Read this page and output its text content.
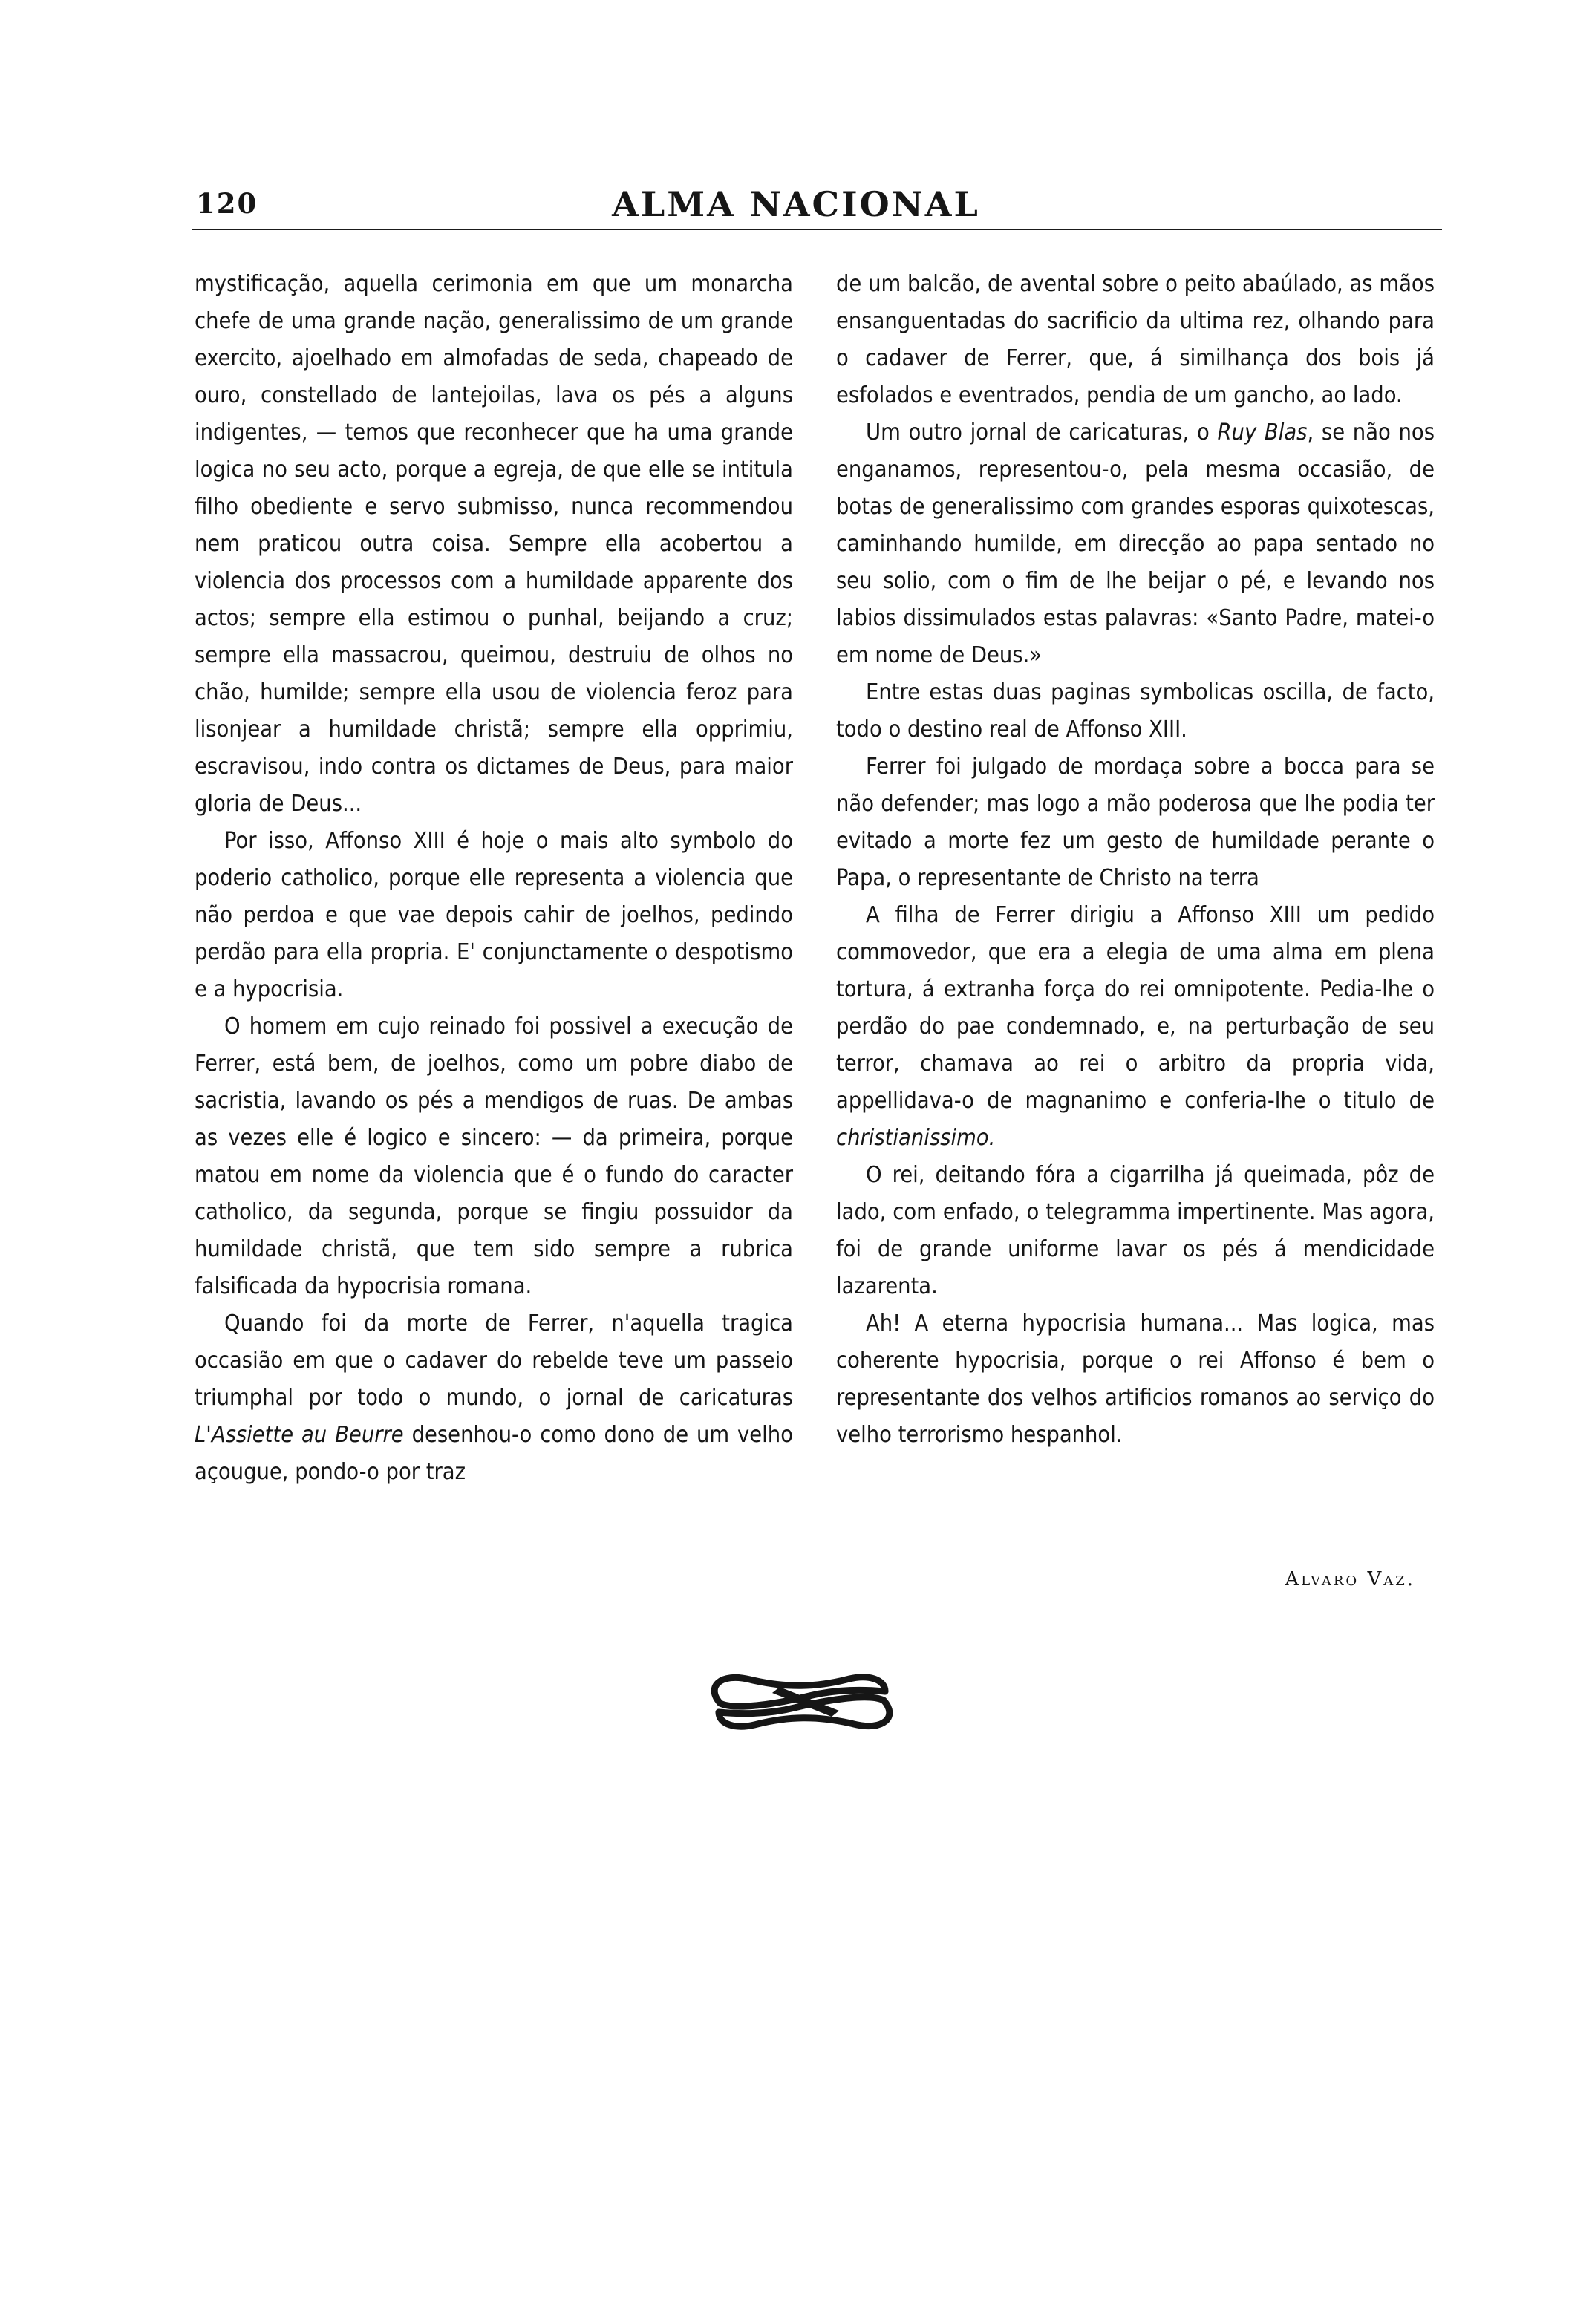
120	ALMA NACIONAL

mystificação, aquella cerimonia em que um monarcha chefe de uma grande nação, generalissimo de um grande exercito, ajoelhado em almofadas de seda, chapeado de ouro, constellado de lantejoilas, lava os pés a alguns indigentes, — temos que reconhecer que ha uma grande logica no seu acto, porque a egreja, de que elle se intitula filho obediente e servo submisso, nunca recommendou nem praticou outra coisa. Sempre ella acobertou a violencia dos processos com a humildade apparente dos actos; sempre ella estimou o punhal, beijando a cruz; sempre ella massacrou, queimou, destruiu de olhos no chão, humilde; sempre ella usou de violencia feroz para lisonjear a humildade christã; sempre ella opprimiu, escravisou, indo contra os dictames de Deus, para maior gloria de Deus...

Por isso, Affonso XIII é hoje o mais alto symbolo do poderio catholico, porque elle representa a violencia que não perdoa e que vae depois cahir de joelhos, pedindo perdão para ella propria. E' conjunctamente o despotismo e a hypocrisia.

O homem em cujo reinado foi possivel a execução de Ferrer, está bem, de joelhos, como um pobre diabo de sacristia, lavando os pés a mendigos de ruas. De ambas as vezes elle é logico e sincero: — da primeira, porque matou em nome da violencia que é o fundo do caracter catholico, da segunda, porque se fingiu possuidor da humildade christã, que tem sido sempre a rubrica falsificada da hypocrisia romana.

Quando foi da morte de Ferrer, n'aquella tragica occasião em que o cadaver do rebelde teve um passeio triumphal por todo o mundo, o jornal de caricaturas L'Assiette au Beurre desenhou-o como dono de um velho açougue, pondo-o por traz

de um balcão, de avental sobre o peito abaúlado, as mãos ensanguentadas do sacrificio da ultima rez, olhando para o cadaver de Ferrer, que, á similhança dos bois já esfolados e eventrados, pendia de um gancho, ao lado.

Um outro jornal de caricaturas, o Ruy Blas, se não nos enganamos, representou-o, pela mesma occasião, de botas de generalissimo com grandes esporas quixotescas, caminhando humilde, em direcção ao papa sentado no seu solio, com o fim de lhe beijar o pé, e levando nos labios dissimulados estas palavras: «Santo Padre, matei-o em nome de Deus.»

Entre estas duas paginas symbolicas oscilla, de facto, todo o destino real de Affonso XIII.

Ferrer foi julgado de mordaça sobre a bocca para se não defender; mas logo a mão poderosa que lhe podia ter evitado a morte fez um gesto de humildade perante o Papa, o representante de Christo na terra

A filha de Ferrer dirigiu a Affonso XIII um pedido commovedor, que era a elegia de uma alma em plena tortura, á extranha força do rei omnipotente. Pedia-lhe o perdão do pae condemnado, e, na perturbação de seu terror, chamava ao rei o arbitro da propria vida, appellidava-o de magnanimo e conferia-lhe o titulo de christianissimo.

O rei, deitando fóra a cigarrilha já queimada, pôz de lado, com enfado, o telegramma impertinente. Mas agora, foi de grande uniforme lavar os pés á mendicidade lazarenta.

Ah! A eterna hypocrisia humana... Mas logica, mas coherente hypocrisia, porque o rei Affonso é bem o representante dos velhos artificios romanos ao serviço do velho terrorismo hespanhol.

Alvaro Vaz.
